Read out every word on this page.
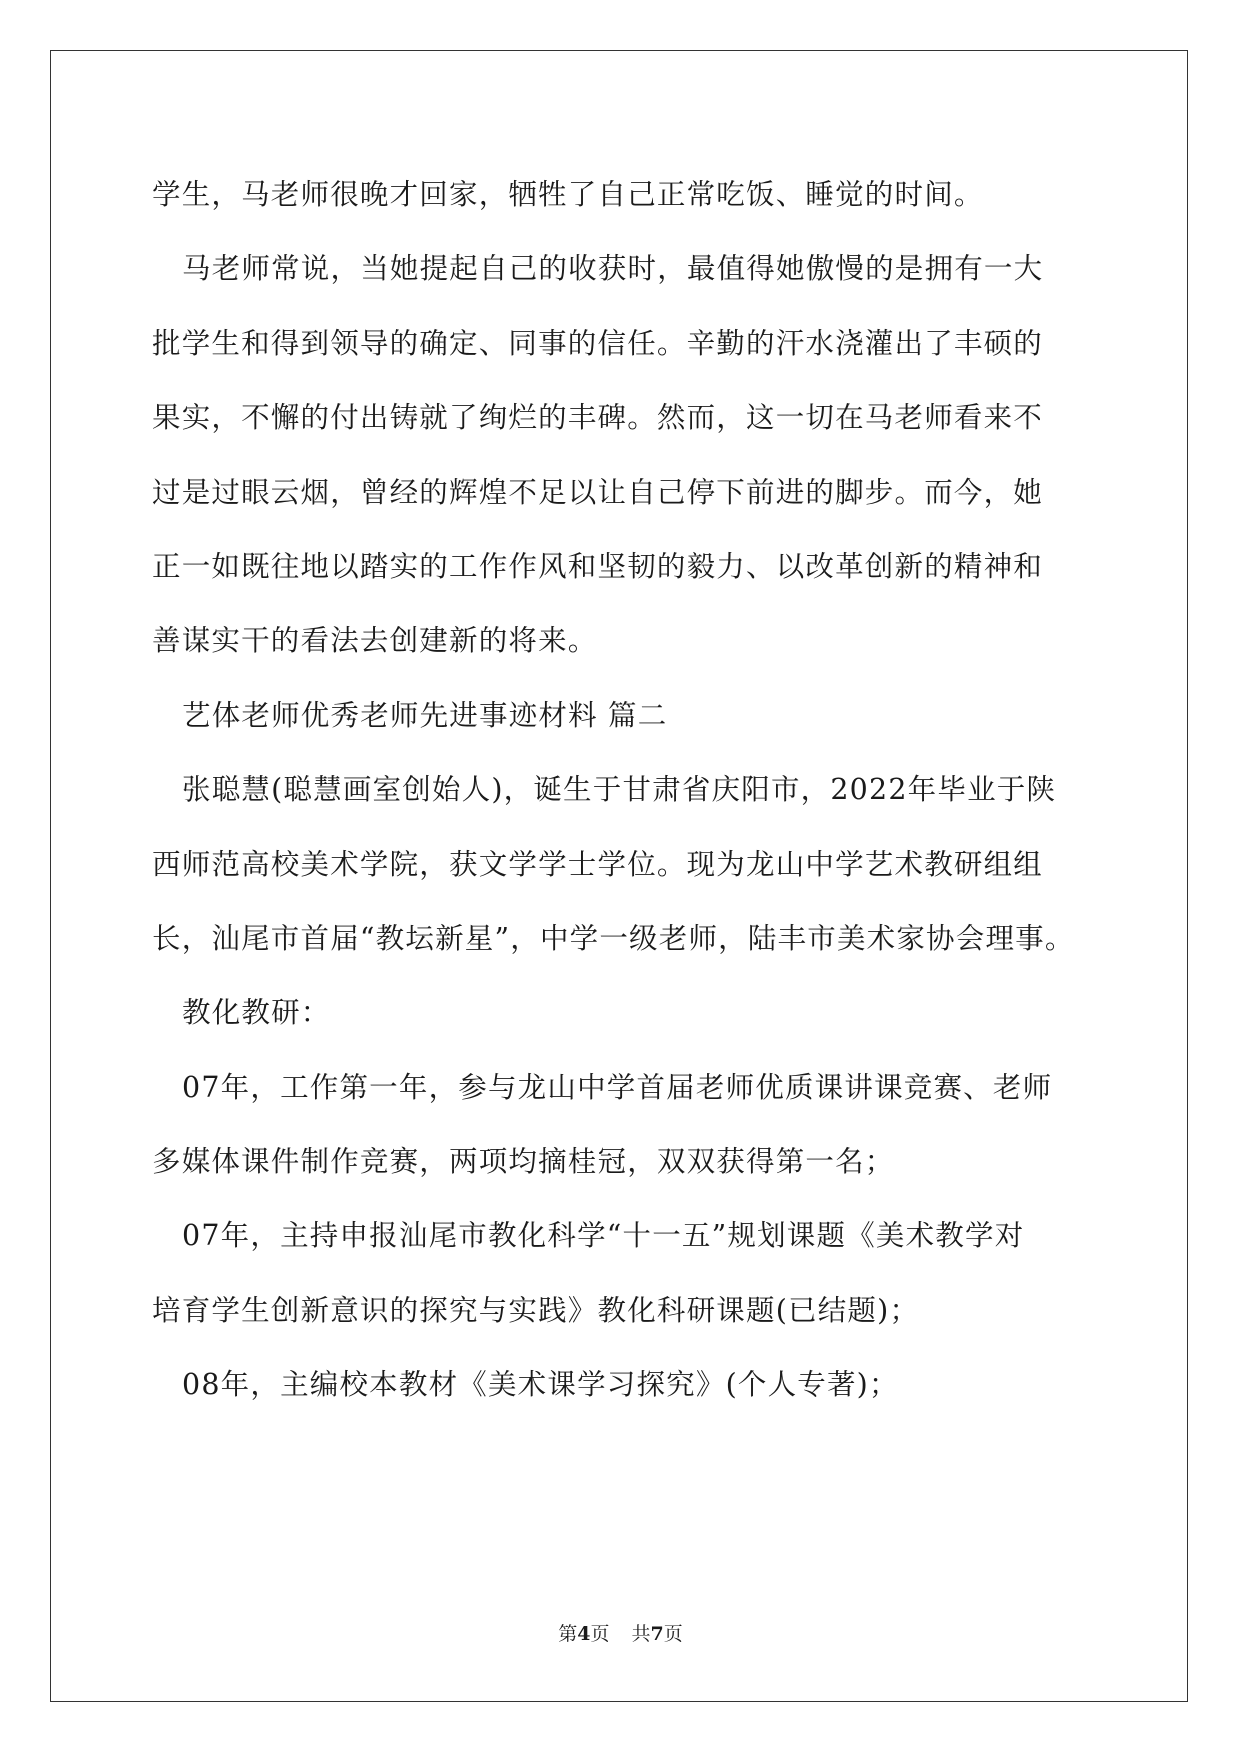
学生，马老师很晚才回家，牺牲了自己正常吃饭、睡觉的时间。
马老师常说，当她提起自己的收获时，最值得她傲慢的是拥有一大
批学生和得到领导的确定、同事的信任。辛勤的汗水浇灌出了丰硕的
果实，不懈的付出铸就了绚烂的丰碑。然而，这一切在马老师看来不
过是过眼云烟，曾经的辉煌不足以让自己停下前进的脚步。而今，她
正一如既往地以踏实的工作作风和坚韧的毅力、以改革创新的精神和
善谋实干的看法去创建新的将来。
艺体老师优秀老师先进事迹材料 篇二
张聪慧(聪慧画室创始人)，诞生于甘肃省庆阳市，2022年毕业于陕
西师范高校美术学院，获文学学士学位。现为龙山中学艺术教研组组
长，汕尾市首届“教坛新星”，中学一级老师，陆丰市美术家协会理事。
教化教研：
07年，工作第一年，参与龙山中学首届老师优质课讲课竞赛、老师
多媒体课件制作竞赛，两项均摘桂冠，双双获得第一名；
07年，主持申报汕尾市教化科学“十一五”规划课题《美术教学对
培育学生创新意识的探究与实践》教化科研课题(已结题)；
08年，主编校本教材《美术课学习探究》(个人专著)；
第4页 共7页
